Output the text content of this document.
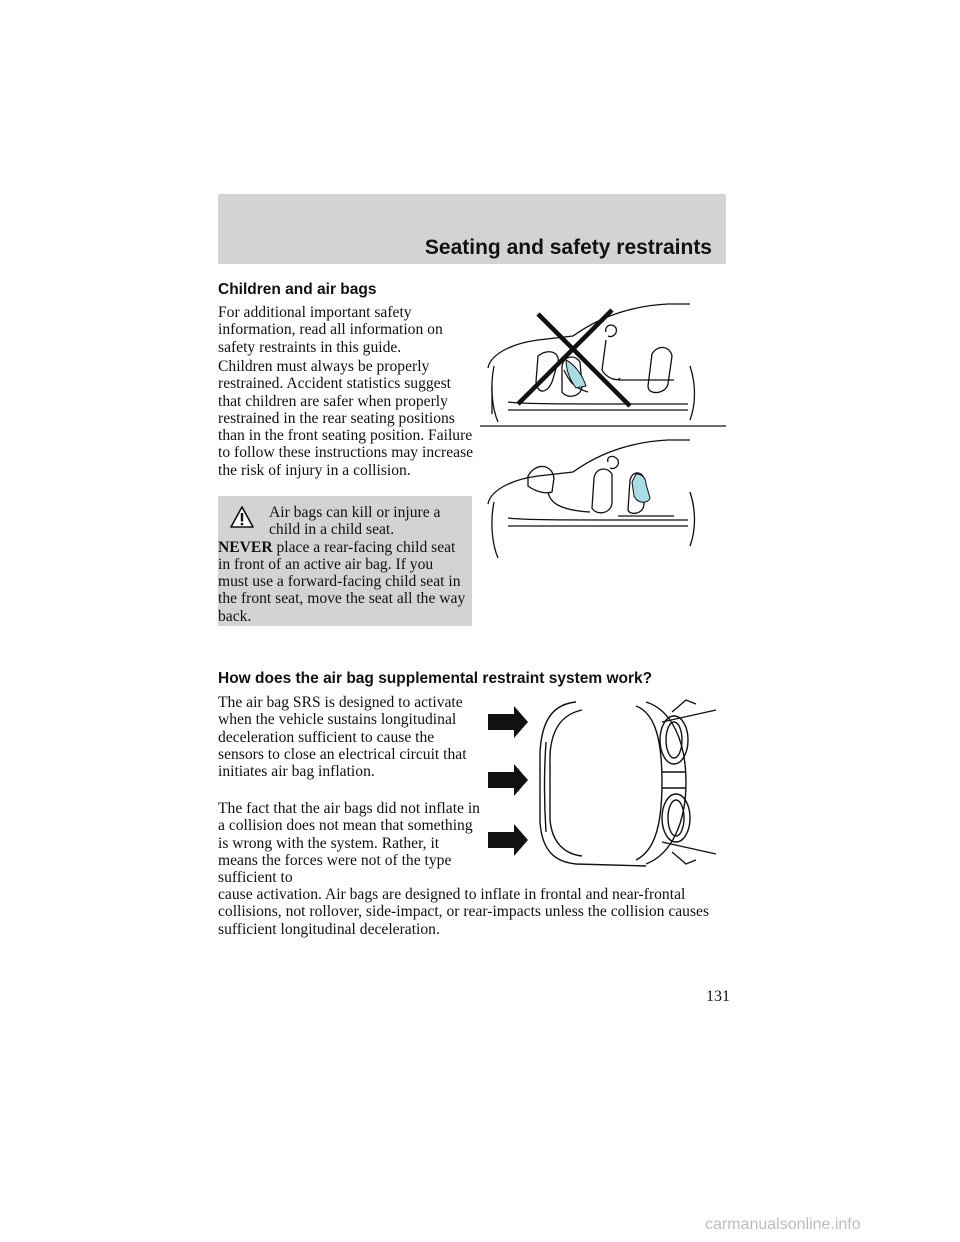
Seating and safety restraints
Children and air bags

For additional important safety information, read all information on safety restraints in this guide.

Children must always be properly restrained. Accident statistics suggest that children are safer when properly restrained in the rear seating positions than in the front seating position. Failure to follow these instructions may increase the risk of injury in a collision.

Air bags can kill or injure a
child in a child seat.
NEVER place a rear-facing child seat in front of an active air bag. If you must use a forward-facing child seat in the front seat, move the seat all the way back.
How does the air bag supplemental restraint system work?

The air bag SRS is designed to activate when the vehicle sustains longitudinal deceleration sufficient to cause the sensors to close an electrical circuit that initiates air bag inflation.

The fact that the air bags did not inflate in a collision does not mean that something is wrong with the system. Rather, it means the forces were not of the type sufficient to

cause activation. Air bags are designed to inflate in frontal and near-frontal collisions, not rollover, side-impact, or rear-impacts unless the collision causes sufficient longitudinal deceleration.

131
carmanualsonline.info
